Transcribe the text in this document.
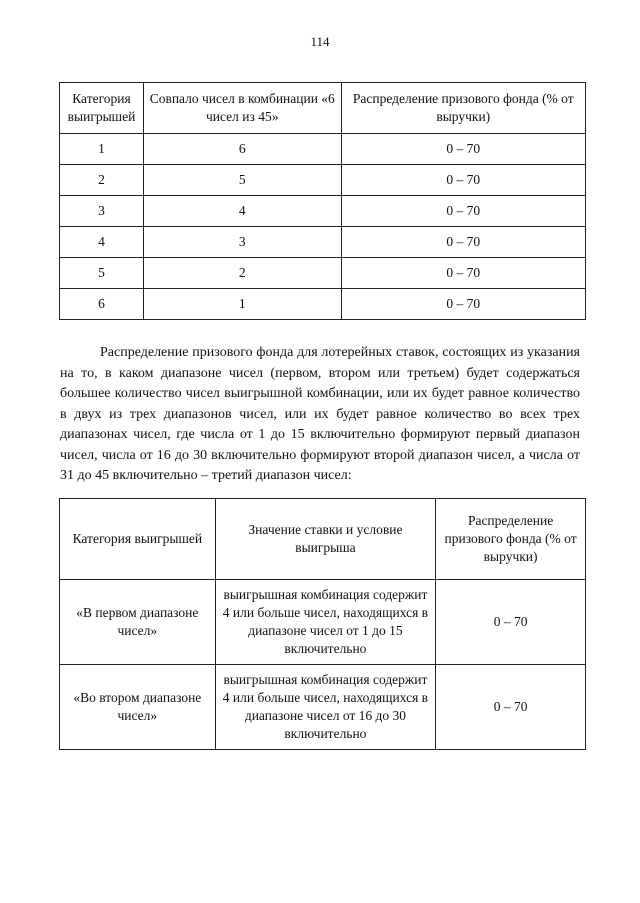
114
Категория выигрышей	Совпало чисел в комбинации «6 чисел из 45»	Распределение призового фонда (% от выручки)
1	6	0 – 70
2	5	0 – 70
3	4	0 – 70
4	3	0 – 70
5	2	0 – 70
6	1	0 – 70

Распределение призового фонда для лотерейных ставок, состоящих из указания на то, в каком диапазоне чисел (первом, втором или третьем) будет содержаться большее количество чисел выигрышной комбинации, или их будет равное количество в двух из трех диапазонов чисел, или их будет равное количество во всех трех диапазонах чисел, где числа от 1 до 15 включительно формируют первый диапазон чисел, числа от 16 до 30 включительно формируют второй диапазон чисел, а числа от 31 до 45 включительно – третий диапазон чисел:

Категория выигрышей	Значение ставки и условие выигрыша	Распределение призового фонда (% от выручки)
«В первом диапазоне чисел»	выигрышная комбинация содержит 4 или больше чисел, находящихся в диапазоне чисел от 1 до 15 включительно	0 – 70
«Во втором диапазоне чисел»	выигрышная комбинация содержит 4 или больше чисел, находящихся в диапазоне чисел от 16 до 30 включительно	0 – 70
